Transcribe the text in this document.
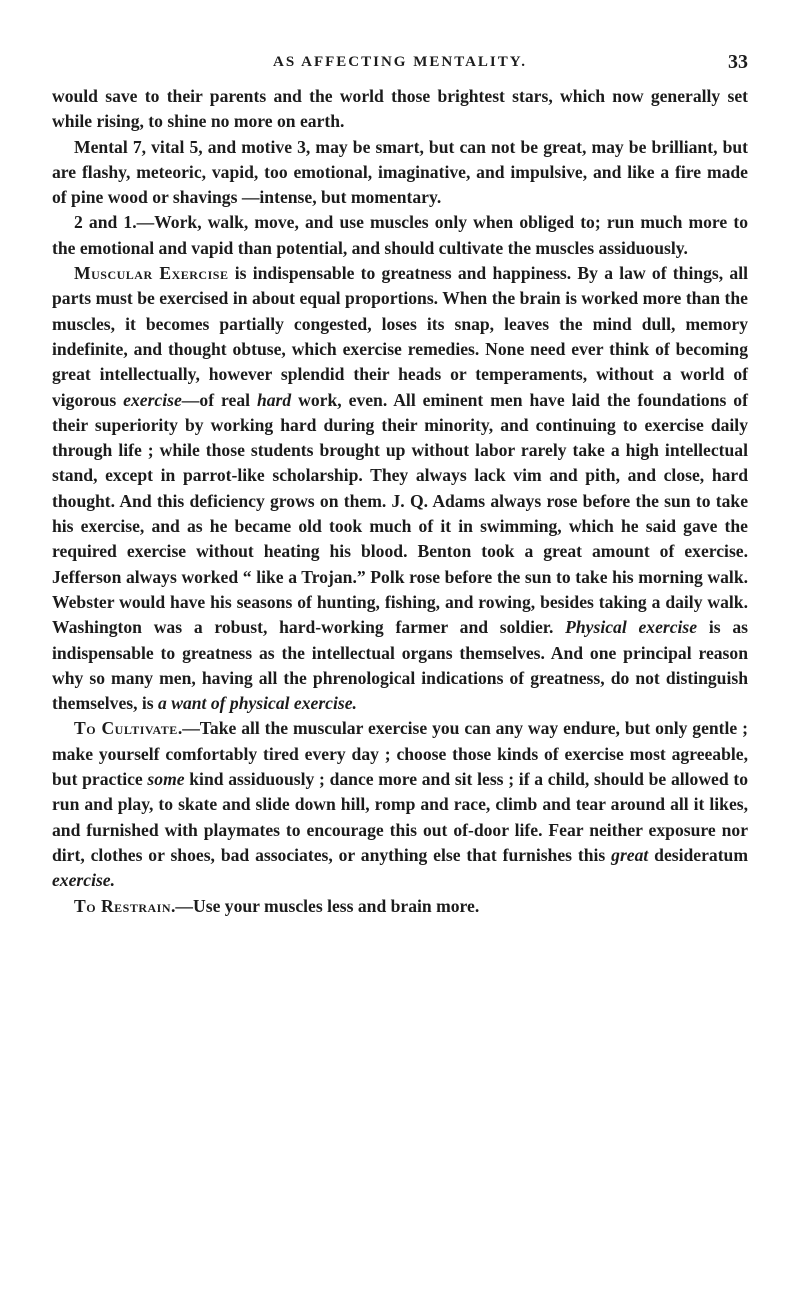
AS AFFECTING MENTALITY.	33

would save to their parents and the world those brightest stars, which now generally set while rising, to shine no more on earth.

Mental 7, vital 5, and motive 3, may be smart, but can not be great, may be brilliant, but are flashy, meteoric, vapid, too emotional, imaginative, and impulsive, and like a fire made of pine wood or shavings —intense, but momentary.

2 and 1.—Work, walk, move, and use muscles only when obliged to; run much more to the emotional and vapid than potential, and should cultivate the muscles assiduously.

Muscular Exercise is indispensable to greatness and happiness. By a law of things, all parts must be exercised in about equal proportions. When the brain is worked more than the muscles, it becomes partially congested, loses its snap, leaves the mind dull, memory indefinite, and thought obtuse, which exercise remedies. None need ever think of becoming great intellectually, however splendid their heads or temperaments, without a world of vigorous exercise—of real hard work, even. All eminent men have laid the foundations of their superiority by working hard during their minority, and continuing to exercise daily through life ; while those students brought up without labor rarely take a high intellectual stand, except in parrot-like scholarship. They always lack vim and pith, and close, hard thought. And this deficiency grows on them. J. Q. Adams always rose before the sun to take his exercise, and as he became old took much of it in swimming, which he said gave the required exercise without heating his blood. Benton took a great amount of exercise. Jefferson always worked “ like a Trojan.” Polk rose before the sun to take his morning walk. Webster would have his seasons of hunting, fishing, and rowing, besides taking a daily walk. Washington was a robust, hard-working farmer and soldier. Physical exercise is as indispensable to greatness as the intellectual organs themselves. And one principal reason why so many men, having all the phrenological indications of greatness, do not distinguish themselves, is a want of physical exercise.

To Cultivate.—Take all the muscular exercise you can any way endure, but only gentle ; make yourself comfortably tired every day ; choose those kinds of exercise most agreeable, but practice some kind assiduously ; dance more and sit less ; if a child, should be allowed to run and play, to skate and slide down hill, romp and race, climb and tear around all it likes, and furnished with playmates to encourage this out of-door life. Fear neither exposure nor dirt, clothes or shoes, bad associates, or anything else that furnishes this great desideratum exercise.

To Restrain.—Use your muscles less and brain more.
